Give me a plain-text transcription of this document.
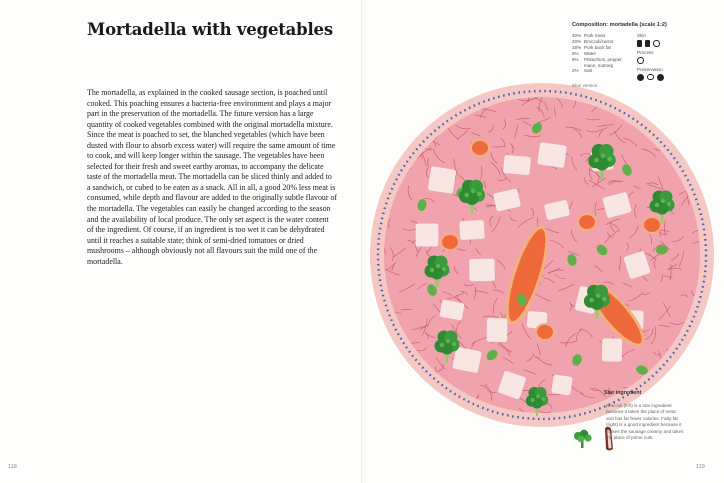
Mortadella with vegetables
The mortadella, as explained in the cooked sausage section, is poached until cooked. This poaching ensures a bacteria-free environment and plays a major part in the preservation of the mortadella. The future version has a large quantity of cooked vegetables combined with the original mortadella mixture. Since the meat is poached to set, the blanched vegetables (which have been dusted with flour to absorb excess water) will require the same amount of time to cook, and will keep longer within the sausage. The vegetables have been selected for their fresh and sweet earthy aromas, to accompany the delicate taste of the mortadella meat. The mortadella can be sliced thinly and added to a sandwich, or cubed to be eaten as a snack. All in all, a good 20% less meat is consumed, while depth and flavour are added to the originally subtle flavour of the mortadella. The vegetables can easily be changed according to the season and the availability of local produce. The only set aspect is the water content of the ingredient. Of course, if an ingredient is too wet it can be dehydrated until it reaches a suitable state; think of semi-dried tomatoes or dried mushrooms – although obviously not all flavours suit the mild one of the mortadella.
118
Composition: mortadella (scale 1:2)
40% Pork meat
20% Broccoli/carrot
18% Pork back fat
8%	Water
8%	Pistachios, pepper,
mace, nutmeg
2%	Salt
Blue version
Skin
Process
Preservation
Star ingredient
Broccoli (left) is a star ingredient because it takes the place of meat and has far fewer calories. Fatty fat (right) is a good ingredient because it makes the sausage creamy and takes the place of prime cuts.
119
